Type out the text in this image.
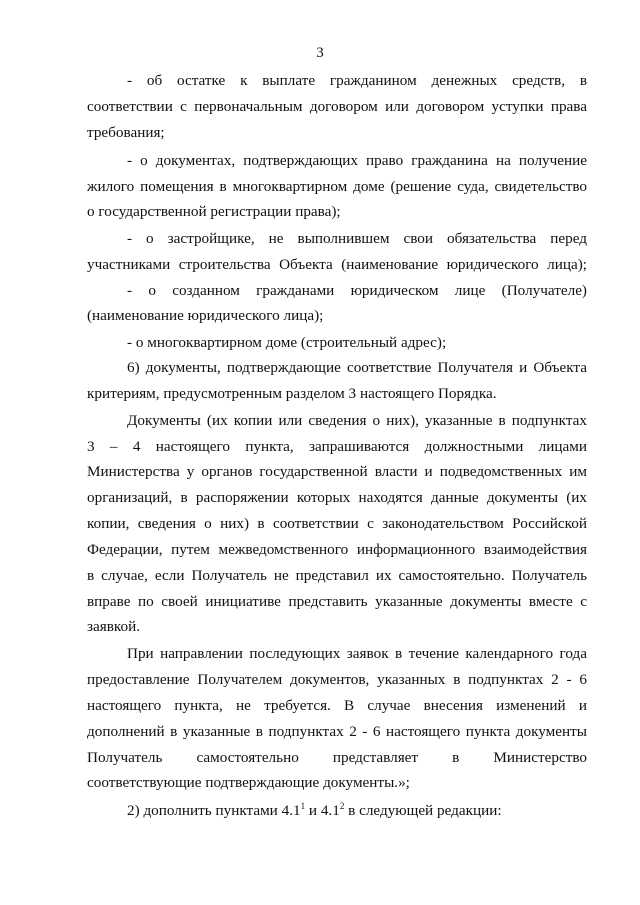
3
- об остатке к выплате гражданином денежных средств, в
соответствии с первоначальным договором или договором уступки права
требования;
- о документах, подтверждающих право гражданина на получение
жилого помещения в многоквартирном доме (решение суда, свидетельство
о государственной регистрации права);
- о застройщике, не выполнившем свои обязательства перед
участниками строительства Объекта (наименование юридического лица);
- о созданном гражданами юридическом лице (Получателе)
(наименование юридического лица);
- о многоквартирном доме (строительный адрес);
6) документы, подтверждающие соответствие Получателя и Объекта
критериям, предусмотренным разделом 3 настоящего Порядка.
Документы (их копии или сведения о них), указанные в подпунктах
3 – 4 настоящего пункта, запрашиваются должностными лицами
Министерства у органов государственной власти и подведомственных им
организаций, в распоряжении которых находятся данные документы (их
копии, сведения о них) в соответствии с законодательством Российской
Федерации, путем межведомственного информационного взаимодействия
в случае, если Получатель не представил их самостоятельно. Получатель
вправе по своей инициативе представить указанные документы вместе с
заявкой.
При направлении последующих заявок в течение календарного года
предоставление Получателем документов, указанных в подпунктах 2 - 6
настоящего пункта, не требуется. В случае внесения изменений и
дополнений в указанные в подпунктах 2 - 6 настоящего пункта документы
Получатель самостоятельно представляет в Министерство
соответствующие подтверждающие документы.»;
2) дополнить пунктами $4.1^1$ и $4.1^2$ в следующей редакции:
